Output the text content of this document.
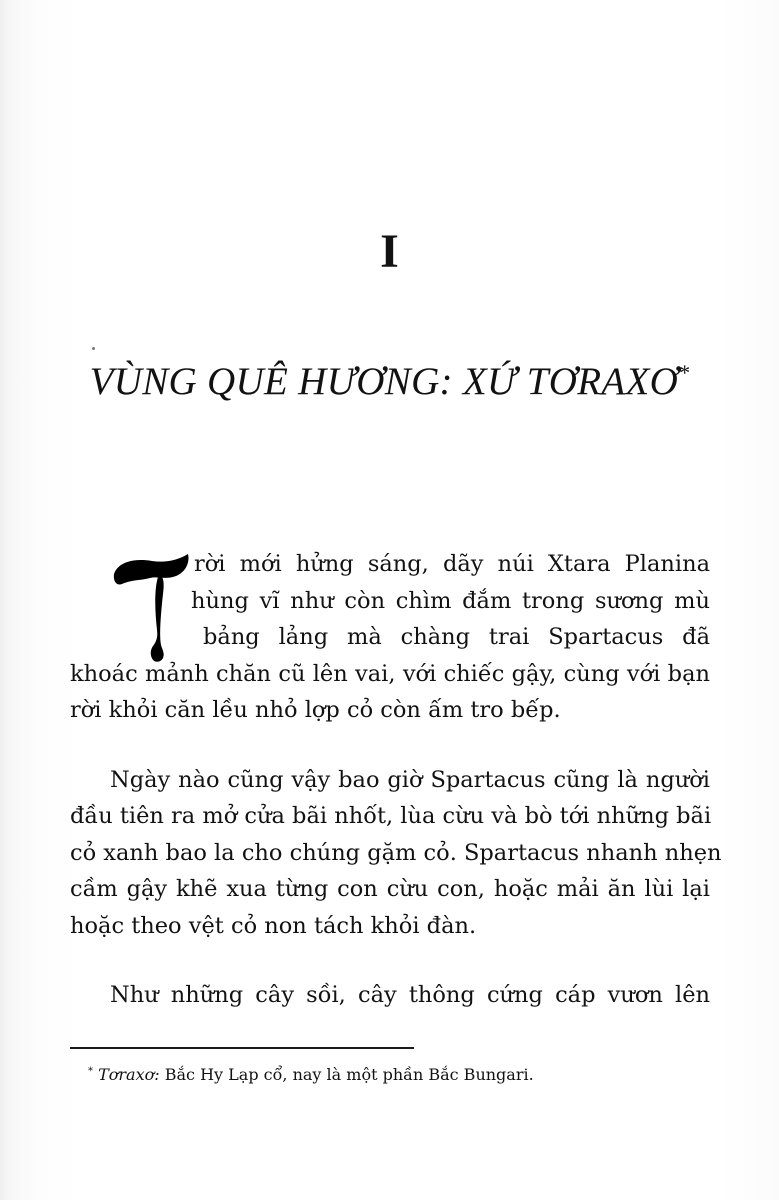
I
VÙNG QUÊ HƯƠNG: XỨ TƠRAXƠ*
rời mới hửng sáng, dãy núi Xtara Planina
hùng vĩ như còn chìm đắm trong sương mù
bảng lảng mà chàng trai Spartacus đã
khoác mảnh chăn cũ lên vai, với chiếc gậy, cùng với bạn
rời khỏi căn lều nhỏ lợp cỏ còn ấm tro bếp.
Ngày nào cũng vậy bao giờ Spartacus cũng là người
đầu tiên ra mở cửa bãi nhốt, lùa cừu và bò tới những bãi
cỏ xanh bao la cho chúng gặm cỏ. Spartacus nhanh nhẹn
cầm gậy khẽ xua từng con cừu con, hoặc mải ăn lùi lại
hoặc theo vệt cỏ non tách khỏi đàn.
Như những cây sồi, cây thông cứng cáp vươn lên
* Tơraxơ: Bắc Hy Lạp cổ, nay là một phần Bắc Bungari.
